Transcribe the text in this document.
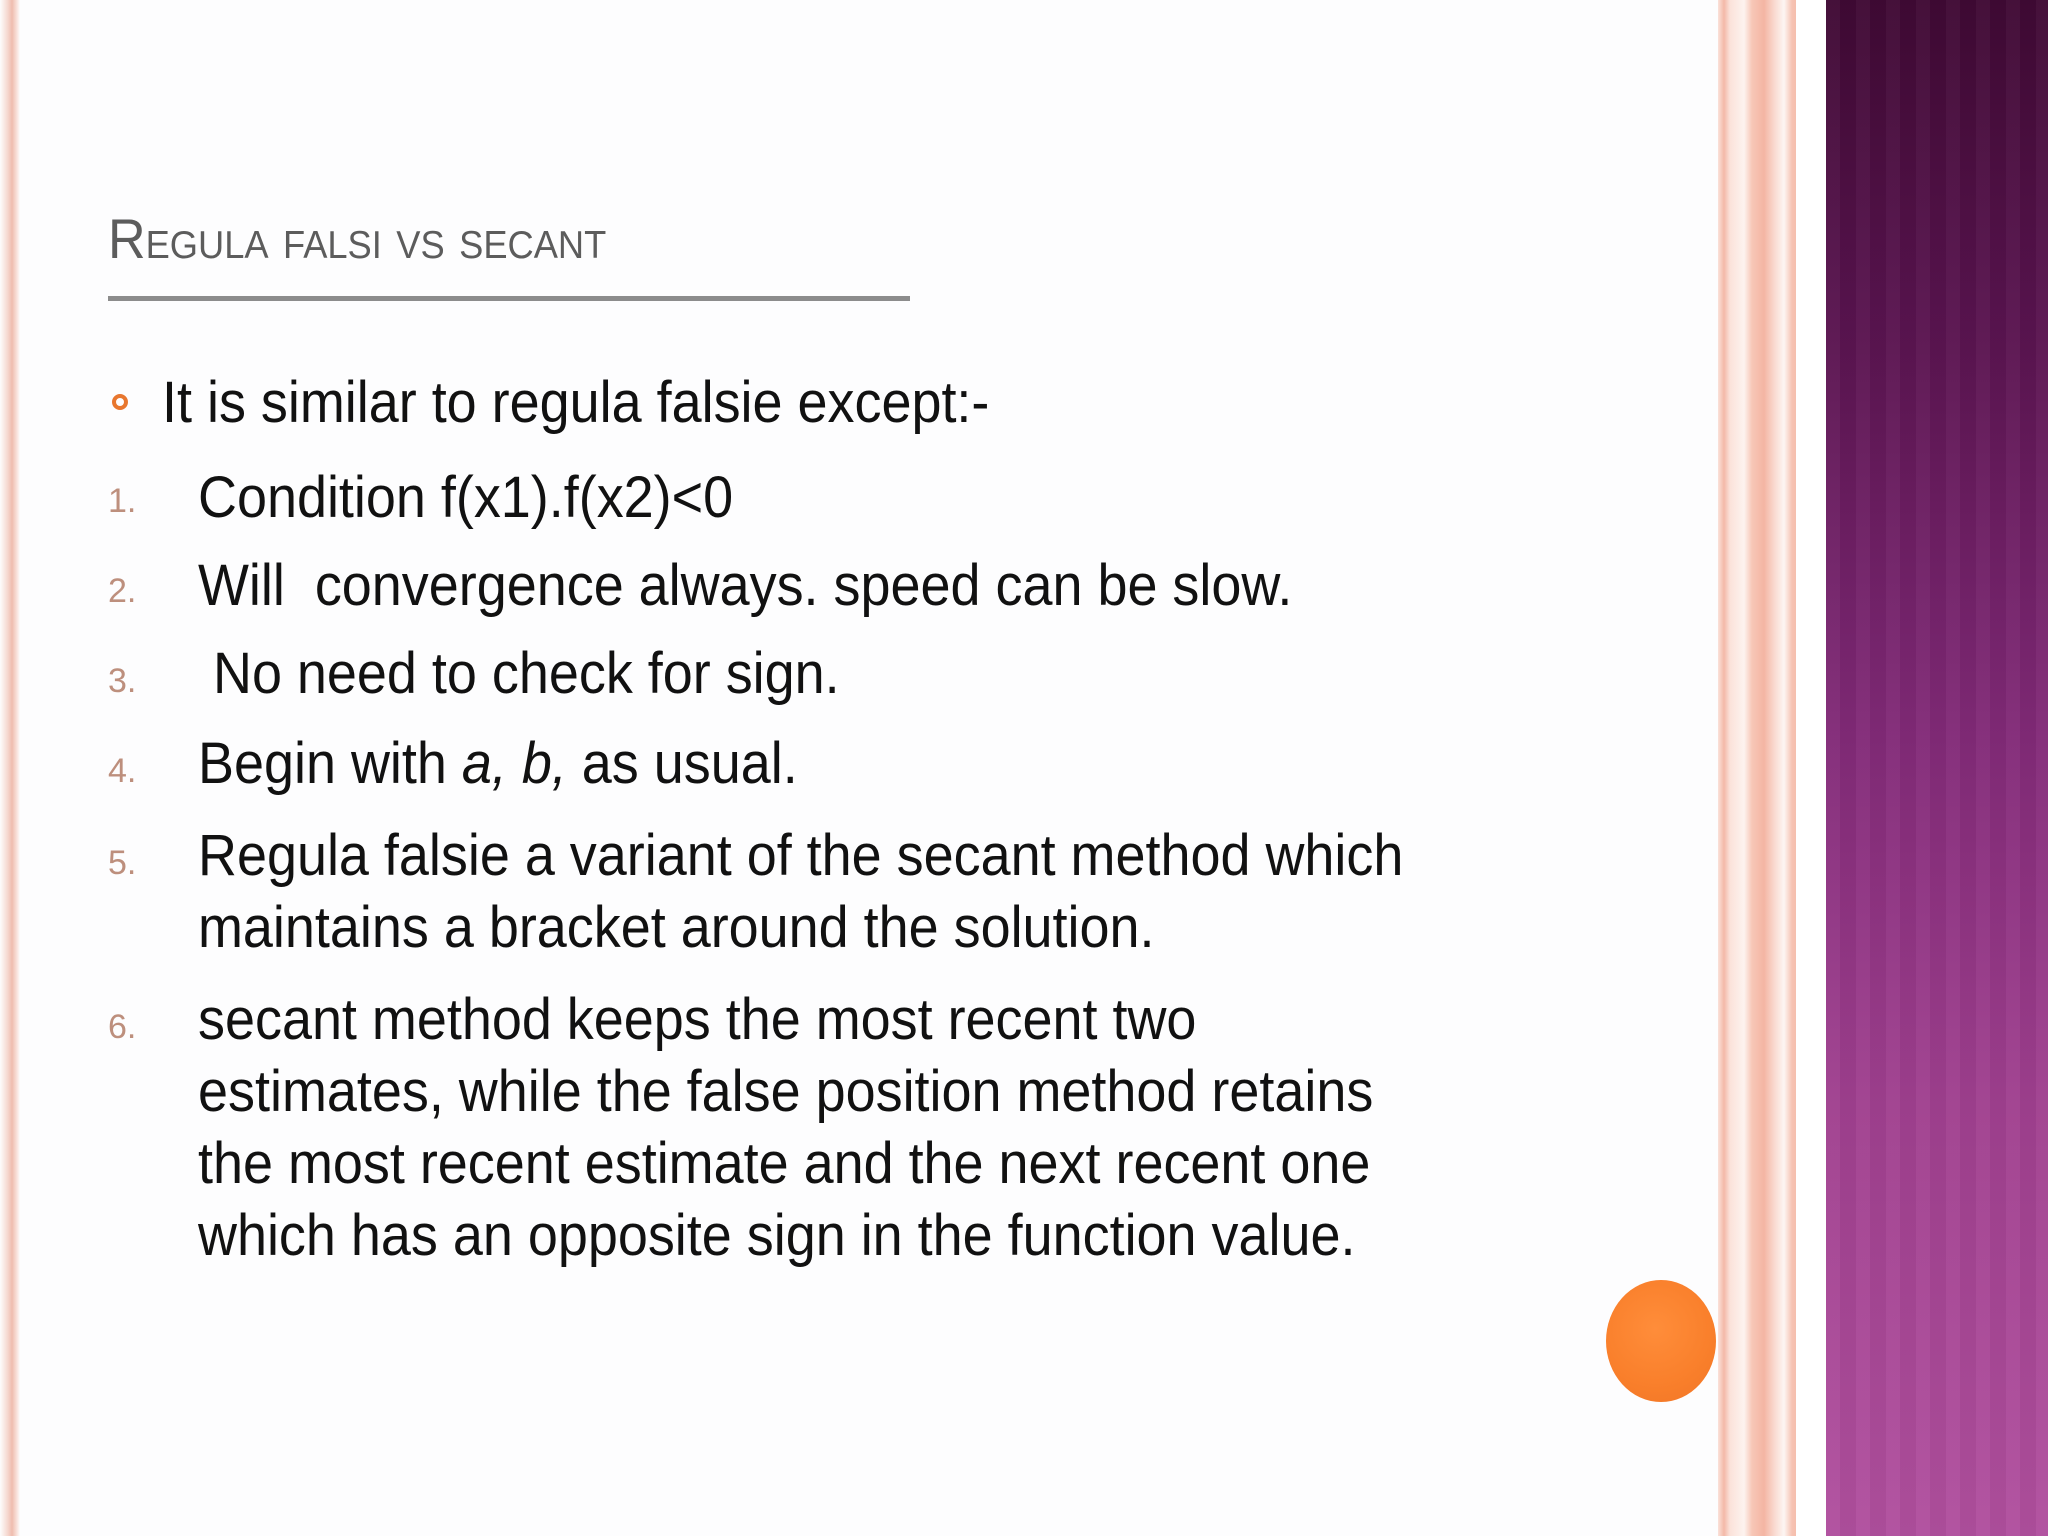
Regula falsi vs secant
It is similar to regula falsie except:-
1. Condition f(x1).f(x2)<0
2. Will  convergence always. speed can be slow.
3. No need to check for sign.
4. Begin with a, b, as usual.
5. Regula falsie a variant of the secant method which
maintains a bracket around the solution.
6. secant method keeps the most recent two
estimates, while the false position method retains
the most recent estimate and the next recent one
which has an opposite sign in the function value.
